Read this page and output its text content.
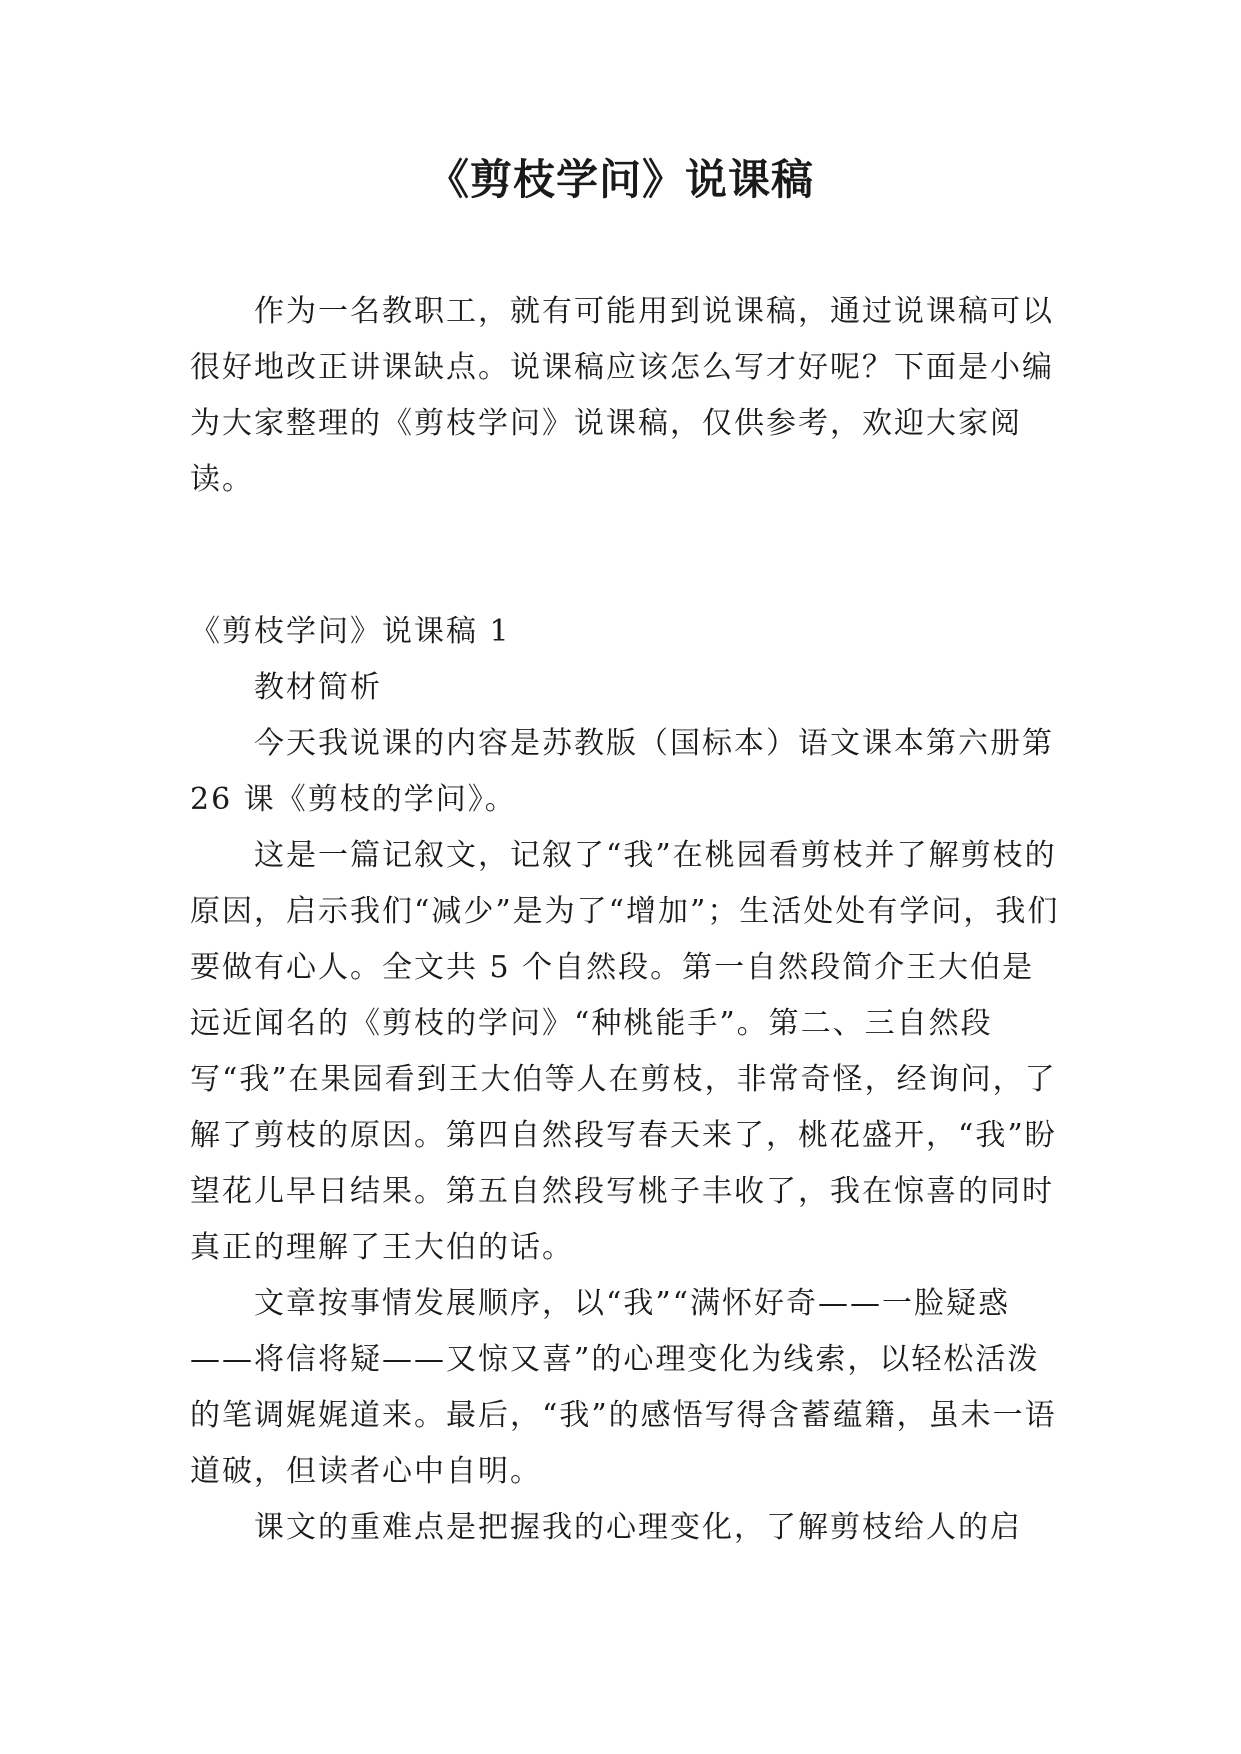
《剪枝学问》说课稿

作为一名教职工，就有可能用到说课稿，通过说课稿可以很好地改正讲课缺点。说课稿应该怎么写才好呢？下面是小编为大家整理的《剪枝学问》说课稿，仅供参考，欢迎大家阅读。

《剪枝学问》说课稿 1

教材简析

今天我说课的内容是苏教版（国标本）语文课本第六册第 26 课《剪枝的学问》。

这是一篇记叙文，记叙了“我”在桃园看剪枝并了解剪枝的原因，启示我们“减少”是为了“增加”；生活处处有学问，我们要做有心人。全文共 5 个自然段。第一自然段简介王大伯是远近闻名的《剪枝的学问》“种桃能手”。第二、三自然段写“我”在果园看到王大伯等人在剪枝，非常奇怪，经询问，了解了剪枝的原因。第四自然段写春天来了，桃花盛开，“我”盼望花儿早日结果。第五自然段写桃子丰收了，我在惊喜的同时真正的理解了王大伯的话。

文章按事情发展顺序，以“我”“满怀好奇——一脸疑惑——将信将疑——又惊又喜”的心理变化为线索，以轻松活泼的笔调娓娓道来。最后，“我”的感悟写得含蓄蕴籍，虽未一语道破，但读者心中自明。

课文的重难点是把握我的心理变化，了解剪枝给人的启
